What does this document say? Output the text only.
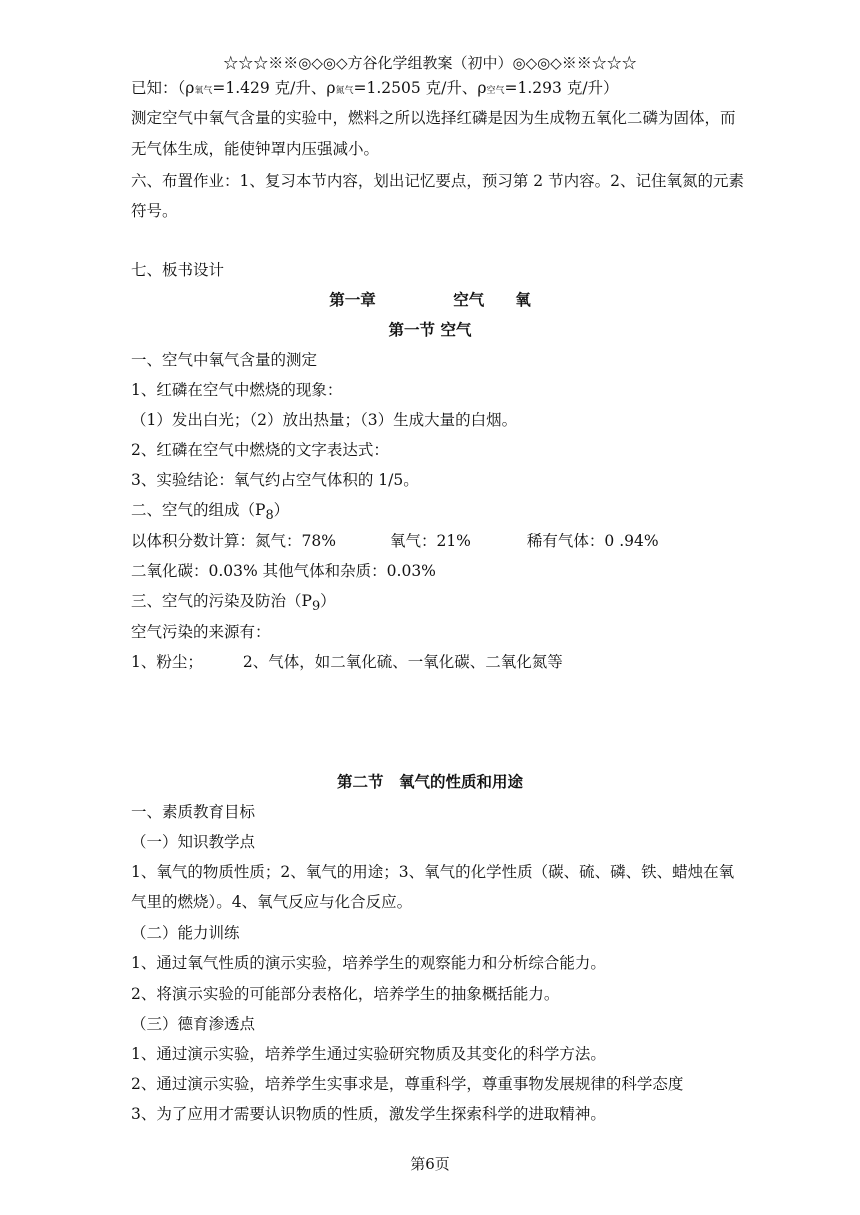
☆☆☆※※◎◇◎◇方谷化学组教案（初中）◎◇◎◇※※☆☆☆
已知：（ρ氧气=1.429 克/升、ρ氮气=1.2505 克/升、ρ空气=1.293 克/升）
测定空气中氧气含量的实验中，燃料之所以选择红磷是因为生成物五氧化二磷为固体，而
无气体生成，能使钟罩内压强减小。
六、布置作业：1、复习本节内容，划出记忆要点，预习第 2 节内容。2、记住氧氮的元素
符号。
七、板书设计
第一章　　　　　空气　　氧
第一节 空气
一、空气中氧气含量的测定
1、红磷在空气中燃烧的现象：
（1）发出白光；（2）放出热量；（3）生成大量的白烟。
2、红磷在空气中燃烧的文字表达式：
3、实验结论：氧气约占空气体积的 1/5。
二、空气的组成$(P_8)$
以体积分数计算：氮气：78%	氧气：21%	稀有气体：0 .94%
二氧化碳：0.03% 其他气体和杂质：0.03%
三、空气的污染及防治$(P_9)$
空气污染的来源有：
1、粉尘；	2、气体，如二氧化硫、一氧化碳、二氧化氮等
第二节　氧气的性质和用途
一、素质教育目标
（一）知识教学点
1、氧气的物质性质；2、氧气的用途；3、氧气的化学性质（碳、硫、磷、铁、蜡烛在氧
气里的燃烧）。4、氧气反应与化合反应。
（二）能力训练
1、通过氧气性质的演示实验，培养学生的观察能力和分析综合能力。
2、将演示实验的可能部分表格化，培养学生的抽象概括能力。
（三）德育渗透点
1、通过演示实验，培养学生通过实验研究物质及其变化的科学方法。
2、通过演示实验，培养学生实事求是，尊重科学，尊重事物发展规律的科学态度
3、为了应用才需要认识物质的性质，激发学生探索科学的进取精神。
第6页
